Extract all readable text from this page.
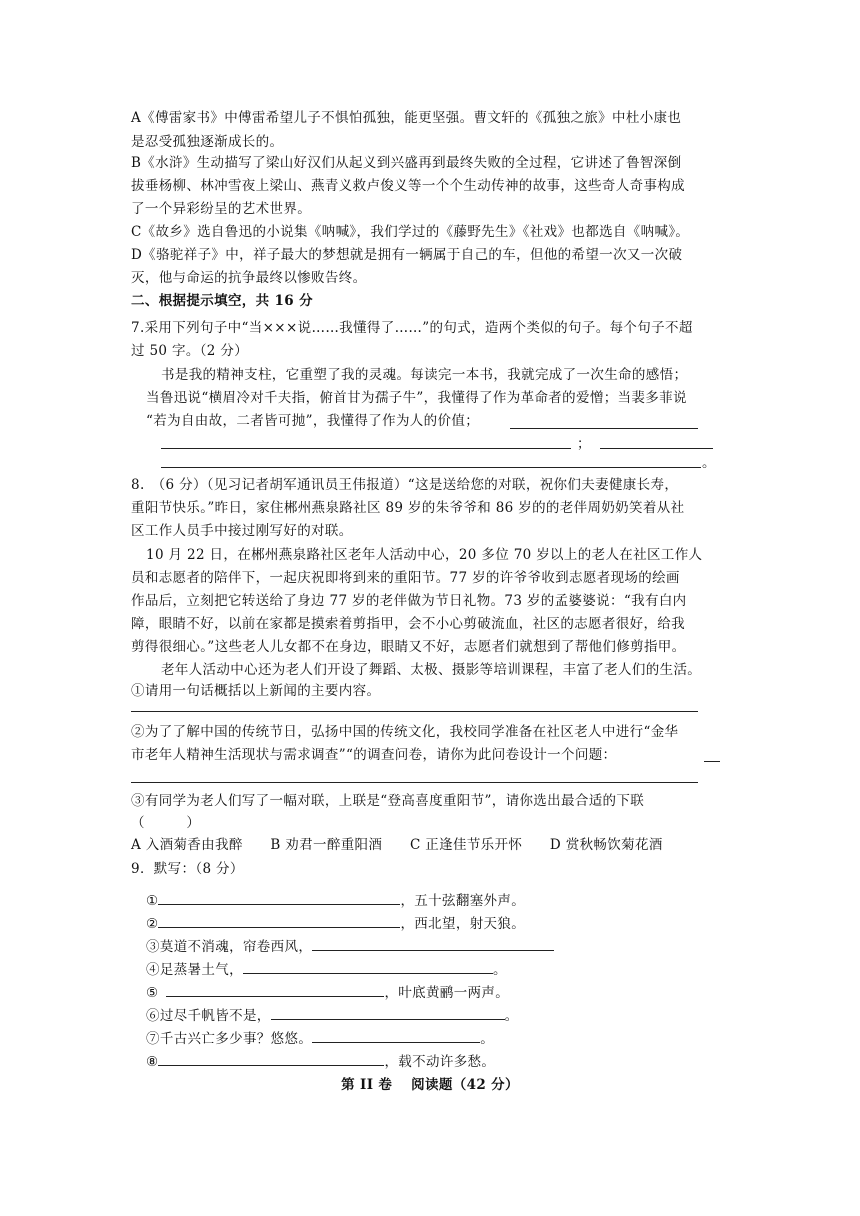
A《傅雷家书》中傅雷希望儿子不惧怕孤独，能更坚强。曹文轩的《孤独之旅》中杜小康也
是忍受孤独逐渐成长的。
B《水浒》生动描写了梁山好汉们从起义到兴盛再到最终失败的全过程，它讲述了鲁智深倒
拔垂杨柳、林冲雪夜上梁山、燕青义救卢俊义等一个个生动传神的故事，这些奇人奇事构成
了一个异彩纷呈的艺术世界。
C《故乡》选自鲁迅的小说集《呐喊》，我们学过的《藤野先生》《社戏》也都选自《呐喊》。
D《骆驼祥子》中，祥子最大的梦想就是拥有一辆属于自己的车，但他的希望一次又一次破
灭，他与命运的抗争最终以惨败告终。
二、根据提示填空，共 16 分
7.采用下列句子中“当×××说……我懂得了……”的句式，造两个类似的句子。每个句子不超
过 50 字。（2 分）
书是我的精神支柱，它重塑了我的灵魂。每读完一本书，我就完成了一次生命的感悟；
当鲁迅说“横眉冷对千夫指，俯首甘为孺子牛”，我懂得了作为革命者的爱憎；当裴多菲说
“若为自由故，二者皆可抛”，我懂得了作为人的价值；
；
。
8.　（6 分）（见习记者胡军通讯员王伟报道）“这是送给您的对联，祝你们夫妻健康长寿，
重阳节快乐。”昨日，家住郴州燕泉路社区 89 岁的朱爷爷和 86 岁的的老伴周奶奶笑着从社
区工作人员手中接过刚写好的对联。
10 月 22 日，在郴州燕泉路社区老年人活动中心，20 多位 70 岁以上的老人在社区工作人
员和志愿者的陪伴下，一起庆祝即将到来的重阳节。77 岁的许爷爷收到志愿者现场的绘画
作品后，立刻把它转送给了身边 77 岁的老伴做为节日礼物。73 岁的孟婆婆说：“我有白内
障，眼睛不好，以前在家都是摸索着剪指甲，会不小心剪破流血，社区的志愿者很好，给我
剪得很细心。”这些老人儿女都不在身边，眼睛又不好，志愿者们就想到了帮他们修剪指甲。
老年人活动中心还为老人们开设了舞蹈、太极、摄影等培训课程，丰富了老人们的生活。
①请用一句话概括以上新闻的主要内容。
②为了了解中国的传统节日，弘扬中国的传统文化，我校同学准备在社区老人中进行“金华
市老年人精神生活现状与需求调查”“的调查问卷，请你为此问卷设计一个问题：
③有同学为老人们写了一幅对联，上联是“登高喜度重阳节”，请你选出最合适的下联
（　　　）
A 入酒菊香由我醉　　B 劝君一醉重阳酒　　C 正逢佳节乐开怀　　D 赏秋畅饮菊花酒
9．默写：（8 分）
①	，五十弦翻塞外声。
②	，西北望，射天狼。
③莫道不消魂，帘卷西风，
④足蒸暑土气，	。
⑤	，叶底黄鹂一两声。
⑥过尽千帆皆不是，	。
⑦千古兴亡多少事？悠悠。	。
⑧	，载不动许多愁。
第 II 卷　 阅读题（42 分）
